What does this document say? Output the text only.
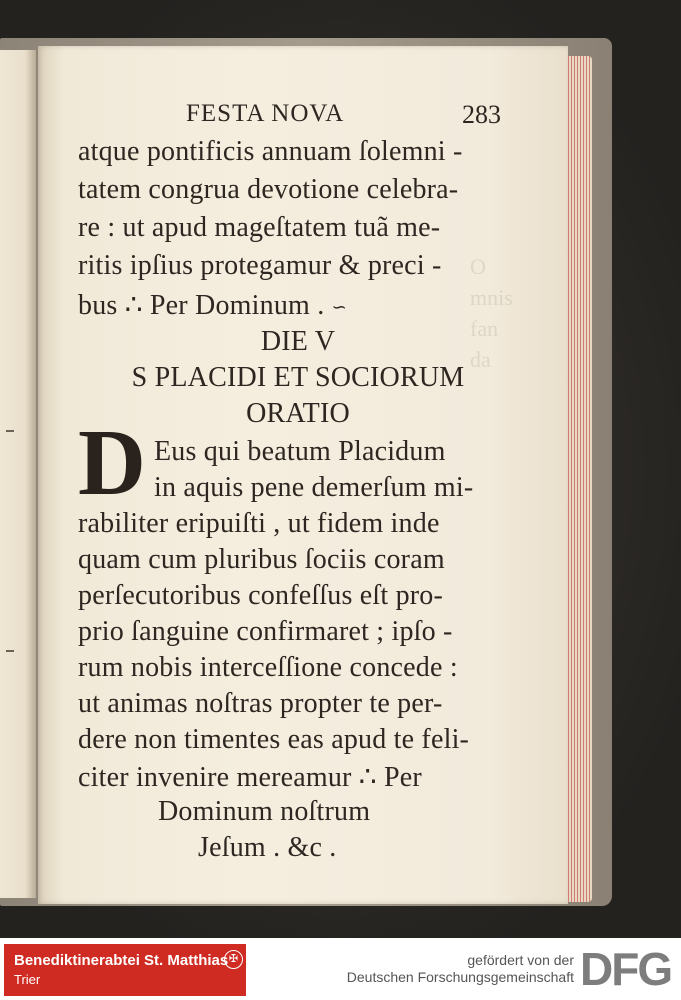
FESTA NOVA	283
atque pontificis annuam ſolemni -
tatem congrua devotione celebra-
re : ut apud mageſtatem tuã me-
ritis ipſius protegamur & preci -
bus ∴ Per Dominum . ∽
DIE V
S PLACIDI ET SOCIORUM
ORATIO
D Eus qui beatum Placidum
in aquis pene demerſum mi-
rabiliter eripuiſti , ut fidem inde
quam cum pluribus ſociis coram
perſecutoribus confeſſus eſt pro-
prio ſanguine confirmaret ; ipſo -
rum nobis interceſſione concede :
ut animas noſtras propter te per-
dere non timentes eas apud te feli-
citer invenire mereamur ∴ Per
Dominum noſtrum
Jeſum . &c .
Benediktinerabtei St. Matthias
Trier
✠	gefördert von der
Deutschen Forschungsgemeinschaft DFG
